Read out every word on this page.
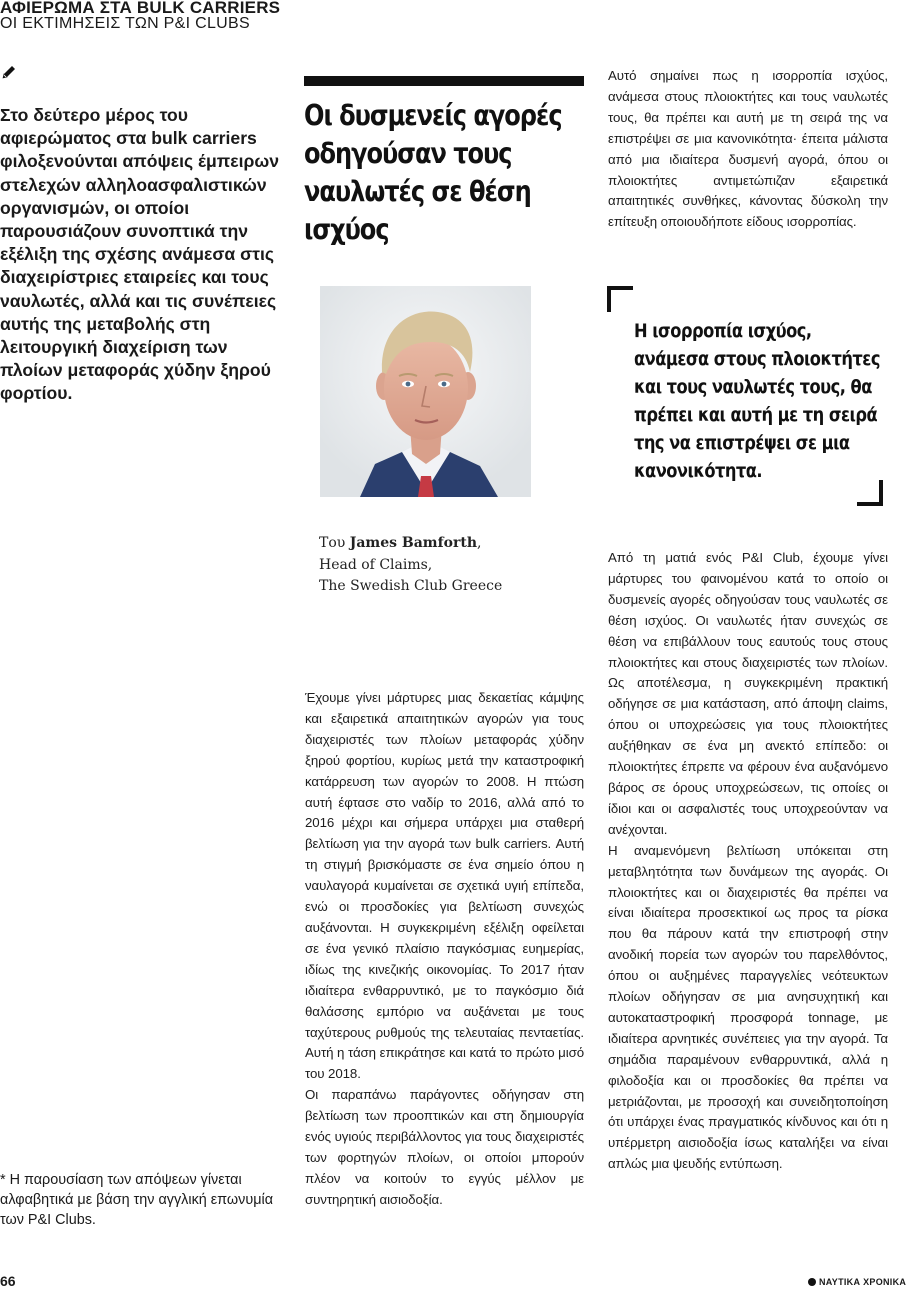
ΑΦΙΕΡΩΜΑ ΣΤΑ BULK CARRIERS
ΟΙ ΕΚΤΙΜΗΣΕΙΣ ΤΩΝ P&I CLUBS
Στο δεύτερο μέρος του αφιερώματος στα bulk carriers φιλοξενούνται απόψεις έμπειρων στελεχών αλληλοασφαλιστικών οργανισμών, οι οποίοι παρουσιάζουν συνοπτικά την εξέλιξη της σχέσης ανάμεσα στις διαχειρίστριες εταιρείες και τους ναυλωτές, αλλά και τις συνέπειες αυτής της μεταβολής στη λειτουργική διαχείριση των πλοίων μεταφοράς χύδην ξηρού φορτίου.
* Η παρουσίαση των απόψεων γίνεται αλφαβητικά με βάση την αγγλική επωνυμία των P&I Clubs.
Οι δυσμενείς αγορές οδηγούσαν τους ναυλωτές σε θέση ισχύος
Του James Bamforth,
Head of Claims,
The Swedish Club Greece

Έχουμε γίνει μάρτυρες μιας δεκαετίας κάμψης και εξαιρετικά απαιτητικών αγορών για τους διαχειριστές των πλοίων μεταφοράς χύδην ξηρού φορτίου, κυρίως μετά την καταστροφική κατάρρευση των αγορών το 2008. Η πτώση αυτή έφτασε στο ναδίρ το 2016, αλλά από το 2016 μέχρι και σήμερα υπάρχει μια σταθερή βελτίωση για την αγορά των bulk carriers. Αυτή τη στιγμή βρισκόμαστε σε ένα σημείο όπου η ναυλαγορά κυμαίνεται σε σχετικά υγιή επίπεδα, ενώ οι προσδοκίες για βελτίωση συνεχώς αυξάνονται. Η συγκεκριμένη εξέλιξη οφείλεται σε ένα γενικό πλαίσιο παγκόσμιας ευημερίας, ιδίως της κινεζικής οικονομίας. Το 2017 ήταν ιδιαίτερα ενθαρρυντικό, με το παγκόσμιο διά θαλάσσης εμπόριο να αυξάνεται με τους ταχύτερους ρυθμούς της τελευταίας πενταετίας. Αυτή η τάση επικράτησε και κατά το πρώτο μισό του 2018.

Οι παραπάνω παράγοντες οδήγησαν στη βελτίωση των προοπτικών και στη δημιουργία ενός υγιούς περιβάλλοντος για τους διαχειριστές των φορτηγών πλοίων, οι οποίοι μπορούν πλέον να κοιτούν το εγγύς μέλλον με συντηρητική αισιοδοξία.

Αυτό σημαίνει πως η ισορροπία ισχύος, ανάμεσα στους πλοιοκτήτες και τους ναυλωτές τους, θα πρέπει και αυτή με τη σειρά της να επιστρέψει σε μια κανονικότητα· έπειτα μάλιστα από μια ιδιαίτερα δυσμενή αγορά, όπου οι πλοιοκτήτες αντιμετώπιζαν εξαιρετικά απαιτητικές συνθήκες, κάνοντας δύσκολη την επίτευξη οποιουδήποτε είδους ισορροπίας.

Η ισορροπία ισχύος, ανάμεσα στους πλοιοκτήτες και τους ναυλωτές τους, θα πρέπει και αυτή με τη σειρά της να επιστρέψει σε μια κανονικότητα.

Από τη ματιά ενός P&I Club, έχουμε γίνει μάρτυρες του φαινομένου κατά το οποίο οι δυσμενείς αγορές οδηγούσαν τους ναυλωτές σε θέση ισχύος. Οι ναυλωτές ήταν συνεχώς σε θέση να επιβάλλουν τους εαυτούς τους στους πλοιοκτήτες και στους διαχειριστές των πλοίων. Ως αποτέλεσμα, η συγκεκριμένη πρακτική οδήγησε σε μια κατάσταση, από άποψη claims, όπου οι υποχρεώσεις για τους πλοιοκτήτες αυξήθηκαν σε ένα μη ανεκτό επίπεδο: οι πλοιοκτήτες έπρεπε να φέρουν ένα αυξανόμενο βάρος σε όρους υποχρεώσεων, τις οποίες οι ίδιοι και οι ασφαλιστές τους υποχρεούνταν να ανέχονται.

Η αναμενόμενη βελτίωση υπόκειται στη μεταβλητότητα των δυνάμεων της αγοράς. Οι πλοιοκτήτες και οι διαχειριστές θα πρέπει να είναι ιδιαίτερα προσεκτικοί ως προς τα ρίσκα που θα πάρουν κατά την επιστροφή στην ανοδική πορεία των αγορών του παρελθόντος, όπου οι αυξημένες παραγγελίες νεότευκτων πλοίων οδήγησαν σε μια ανησυχητική και αυτοκαταστροφική προσφορά tonnage, με ιδιαίτερα αρνητικές συνέπειες για την αγορά. Τα σημάδια παραμένουν ενθαρρυντικά, αλλά η φιλοδοξία και οι προσδοκίες θα πρέπει να μετριάζονται, με προσοχή και συνειδητοποίηση ότι υπάρχει ένας πραγματικός κίνδυνος και ότι η υπέρμετρη αισιοδοξία ίσως καταλήξει να είναι απλώς μια ψευδής εντύπωση.

66	ΝΑΥΤΙΚΑ ΧΡΟΝΙΚΑ
